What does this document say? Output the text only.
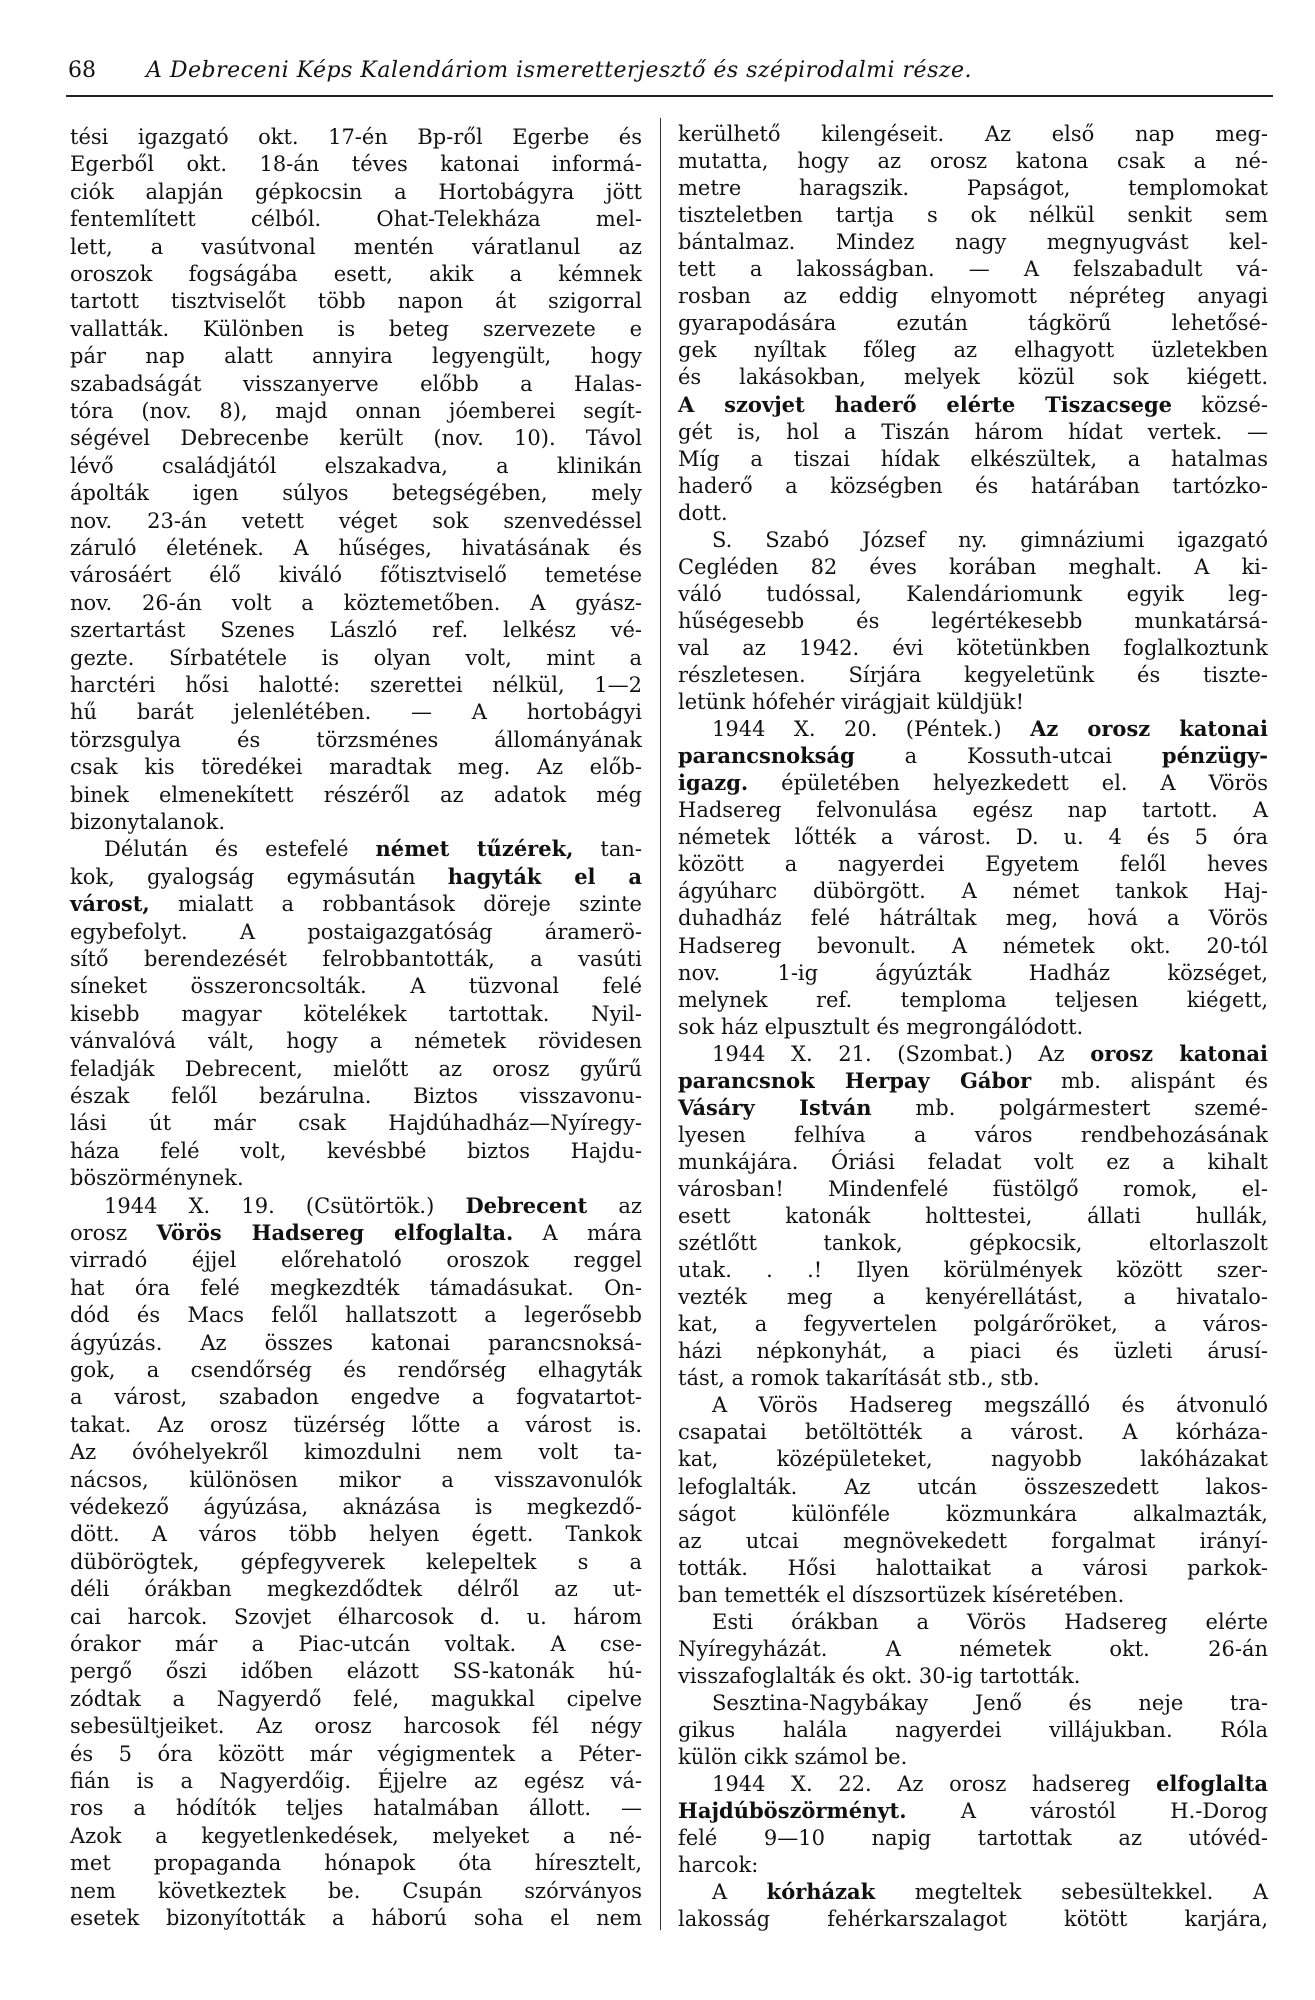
68 A Debreceni Képs Kalendáriom ismeretterjesztő és szépirodalmi része.
tési igazgató okt. 17-én Bp-ről Egerbe és
Egerből okt. 18-án téves katonai informá-
ciók alapján gépkocsin a Hortobágyra jött
fentemlített célból. Ohat-Telekháza mel-
lett, a vasútvonal mentén váratlanul az
oroszok fogságába esett, akik a kémnek
tartott tisztviselőt több napon át szigorral
vallatták. Különben is beteg szervezete e
pár nap alatt annyira legyengült, hogy
szabadságát visszanyerve előbb a Halas-
tóra (nov. 8), majd onnan jóemberei segít-
ségével Debrecenbe került (nov. 10). Távol
lévő családjától elszakadva, a klinikán
ápolták igen súlyos betegségében, mely
nov. 23-án vetett véget sok szenvedéssel
záruló életének. A hűséges, hivatásának és
városáért élő kiváló főtisztviselő temetése
nov. 26-án volt a köztemetőben. A gyász-
szertartást Szenes László ref. lelkész vé-
gezte. Sírbatétele is olyan volt, mint a
harctéri hősi halotté: szerettei nélkül, 1—2
hű barát jelenlétében. — A hortobágyi
törzsgulya és törzsménes állományának
csak kis töredékei maradtak meg. Az előb-
binek elmenekített részéről az adatok még
bizonytalanok.
Délután és estefelé német tűzérek, tan-
kok, gyalogság egymásután hagyták el a
várost, mialatt a robbantások döreje szinte
egybefolyt. A postaigazgatóság áramerö-
sítő berendezését felrobbantották, a vasúti
síneket összeroncsolták. A tüzvonal felé
kisebb magyar kötelékek tartottak. Nyil-
vánvalóvá vált, hogy a németek rövidesen
feladják Debrecent, mielőtt az orosz gyűrű
észak felől bezárulna. Biztos visszavonu-
lási út már csak Hajdúhadház—Nyíregy-
háza felé volt, kevésbbé biztos Hajdu-
böszörménynek.
1944 X. 19. (Csütörtök.) Debrecent az
orosz Vörös Hadsereg elfoglalta. A mára
virradó éjjel előrehatoló oroszok reggel
hat óra felé megkezdték támadásukat. On-
dód és Macs felől hallatszott a legerősebb
ágyúzás. Az összes katonai parancsnoksá-
gok, a csendőrség és rendőrség elhagyták
a várost, szabadon engedve a fogvatartot-
takat. Az orosz tüzérség lőtte a várost is.
Az óvóhelyekről kimozdulni nem volt ta-
nácsos, különösen mikor a visszavonulók
védekező ágyúzása, aknázása is megkezdő-
dött. A város több helyen égett. Tankok
dübörögtek, gépfegyverek kelepeltek s a
déli órákban megkezdődtek délről az ut-
cai harcok. Szovjet élharcosok d. u. három
órakor már a Piac-utcán voltak. A cse-
pergő őszi időben elázott SS-katonák hú-
zódtak a Nagyerdő felé, magukkal cipelve
sebesültjeiket. Az orosz harcosok fél négy
és 5 óra között már végigmentek a Péter-
fián is a Nagyerdőig. Éjjelre az egész vá-
ros a hódítók teljes hatalmában állott. —
Azok a kegyetlenkedések, melyeket a né-
met propaganda hónapok óta híresztelt,
nem következtek be. Csupán szórványos
esetek bizonyították a háború soha el nem
kerülhető kilengéseit. Az első nap meg-
mutatta, hogy az orosz katona csak a né-
metre haragszik. Papságot, templomokat
tiszteletben tartja s ok nélkül senkit sem
bántalmaz. Mindez nagy megnyugvást kel-
tett a lakosságban. — A felszabadult vá-
rosban az eddig elnyomott népréteg anyagi
gyarapodására ezután tágkörű lehetősé-
gek nyíltak főleg az elhagyott üzletekben
és lakásokban, melyek közül sok kiégett.
A szovjet haderő elérte Tiszacsege közsé-
gét is, hol a Tiszán három hídat vertek. —
Míg a tiszai hídak elkészültek, a hatalmas
haderő a községben és határában tartózko-
dott.
S. Szabó József ny. gimnáziumi igazgató
Cegléden 82 éves korában meghalt. A ki-
váló tudóssal, Kalendáriomunk egyik leg-
hűségesebb és legértékesebb munkatársá-
val az 1942. évi kötetünkben foglalkoztunk
részletesen. Sírjára kegyeletünk és tiszte-
letünk hófehér virágjait küldjük!
1944 X. 20. (Péntek.) Az orosz katonai
parancsnokság a Kossuth-utcai pénzügy-
igazg. épületében helyezkedett el. A Vörös
Hadsereg felvonulása egész nap tartott. A
németek lőtték a várost. D. u. 4 és 5 óra
között a nagyerdei Egyetem felől heves
ágyúharc dübörgött. A német tankok Haj-
duhadház felé hátráltak meg, hová a Vörös
Hadsereg bevonult. A németek okt. 20-tól
nov. 1-ig ágyúzták Hadház községet,
melynek ref. temploma teljesen kiégett,
sok ház elpusztult és megrongálódott.
1944 X. 21. (Szombat.) Az orosz katonai
parancsnok Herpay Gábor mb. alispánt és
Vásáry István mb. polgármestert szemé-
lyesen felhíva a város rendbehozásának
munkájára. Óriási feladat volt ez a kihalt
városban! Mindenfelé füstölgő romok, el-
esett katonák holttestei, állati hullák,
szétlőtt tankok, gépkocsik, eltorlaszolt
utak. . .! Ilyen körülmények között szer-
vezték meg a kenyérellátást, a hivatalo-
kat, a fegyvertelen polgárőröket, a város-
házi népkonyhát, a piaci és üzleti árusí-
tást, a romok takarítását stb., stb.
A Vörös Hadsereg megszálló és átvonuló
csapatai betöltötték a várost. A kórháza-
kat, középületeket, nagyobb lakóházakat
lefoglalták. Az utcán összeszedett lakos-
ságot különféle közmunkára alkalmazták,
az utcai megnövekedett forgalmat irányí-
tották. Hősi halottaikat a városi parkok-
ban temették el díszsortüzek kíséretében.
Esti órákban a Vörös Hadsereg elérte
Nyíregyházát. A németek okt. 26-án
visszafoglalták és okt. 30-ig tartották.
Sesztina-Nagybákay Jenő és neje tra-
gikus halála nagyerdei villájukban. Róla
külön cikk számol be.
1944 X. 22. Az orosz hadsereg elfoglalta
Hajdúböszörményt. A várostól H.-Dorog
felé 9—10 napig tartottak az utóvéd-
harcok:
A kórházak megteltek sebesültekkel. A
lakosság fehérkarszalagot kötött karjára,
